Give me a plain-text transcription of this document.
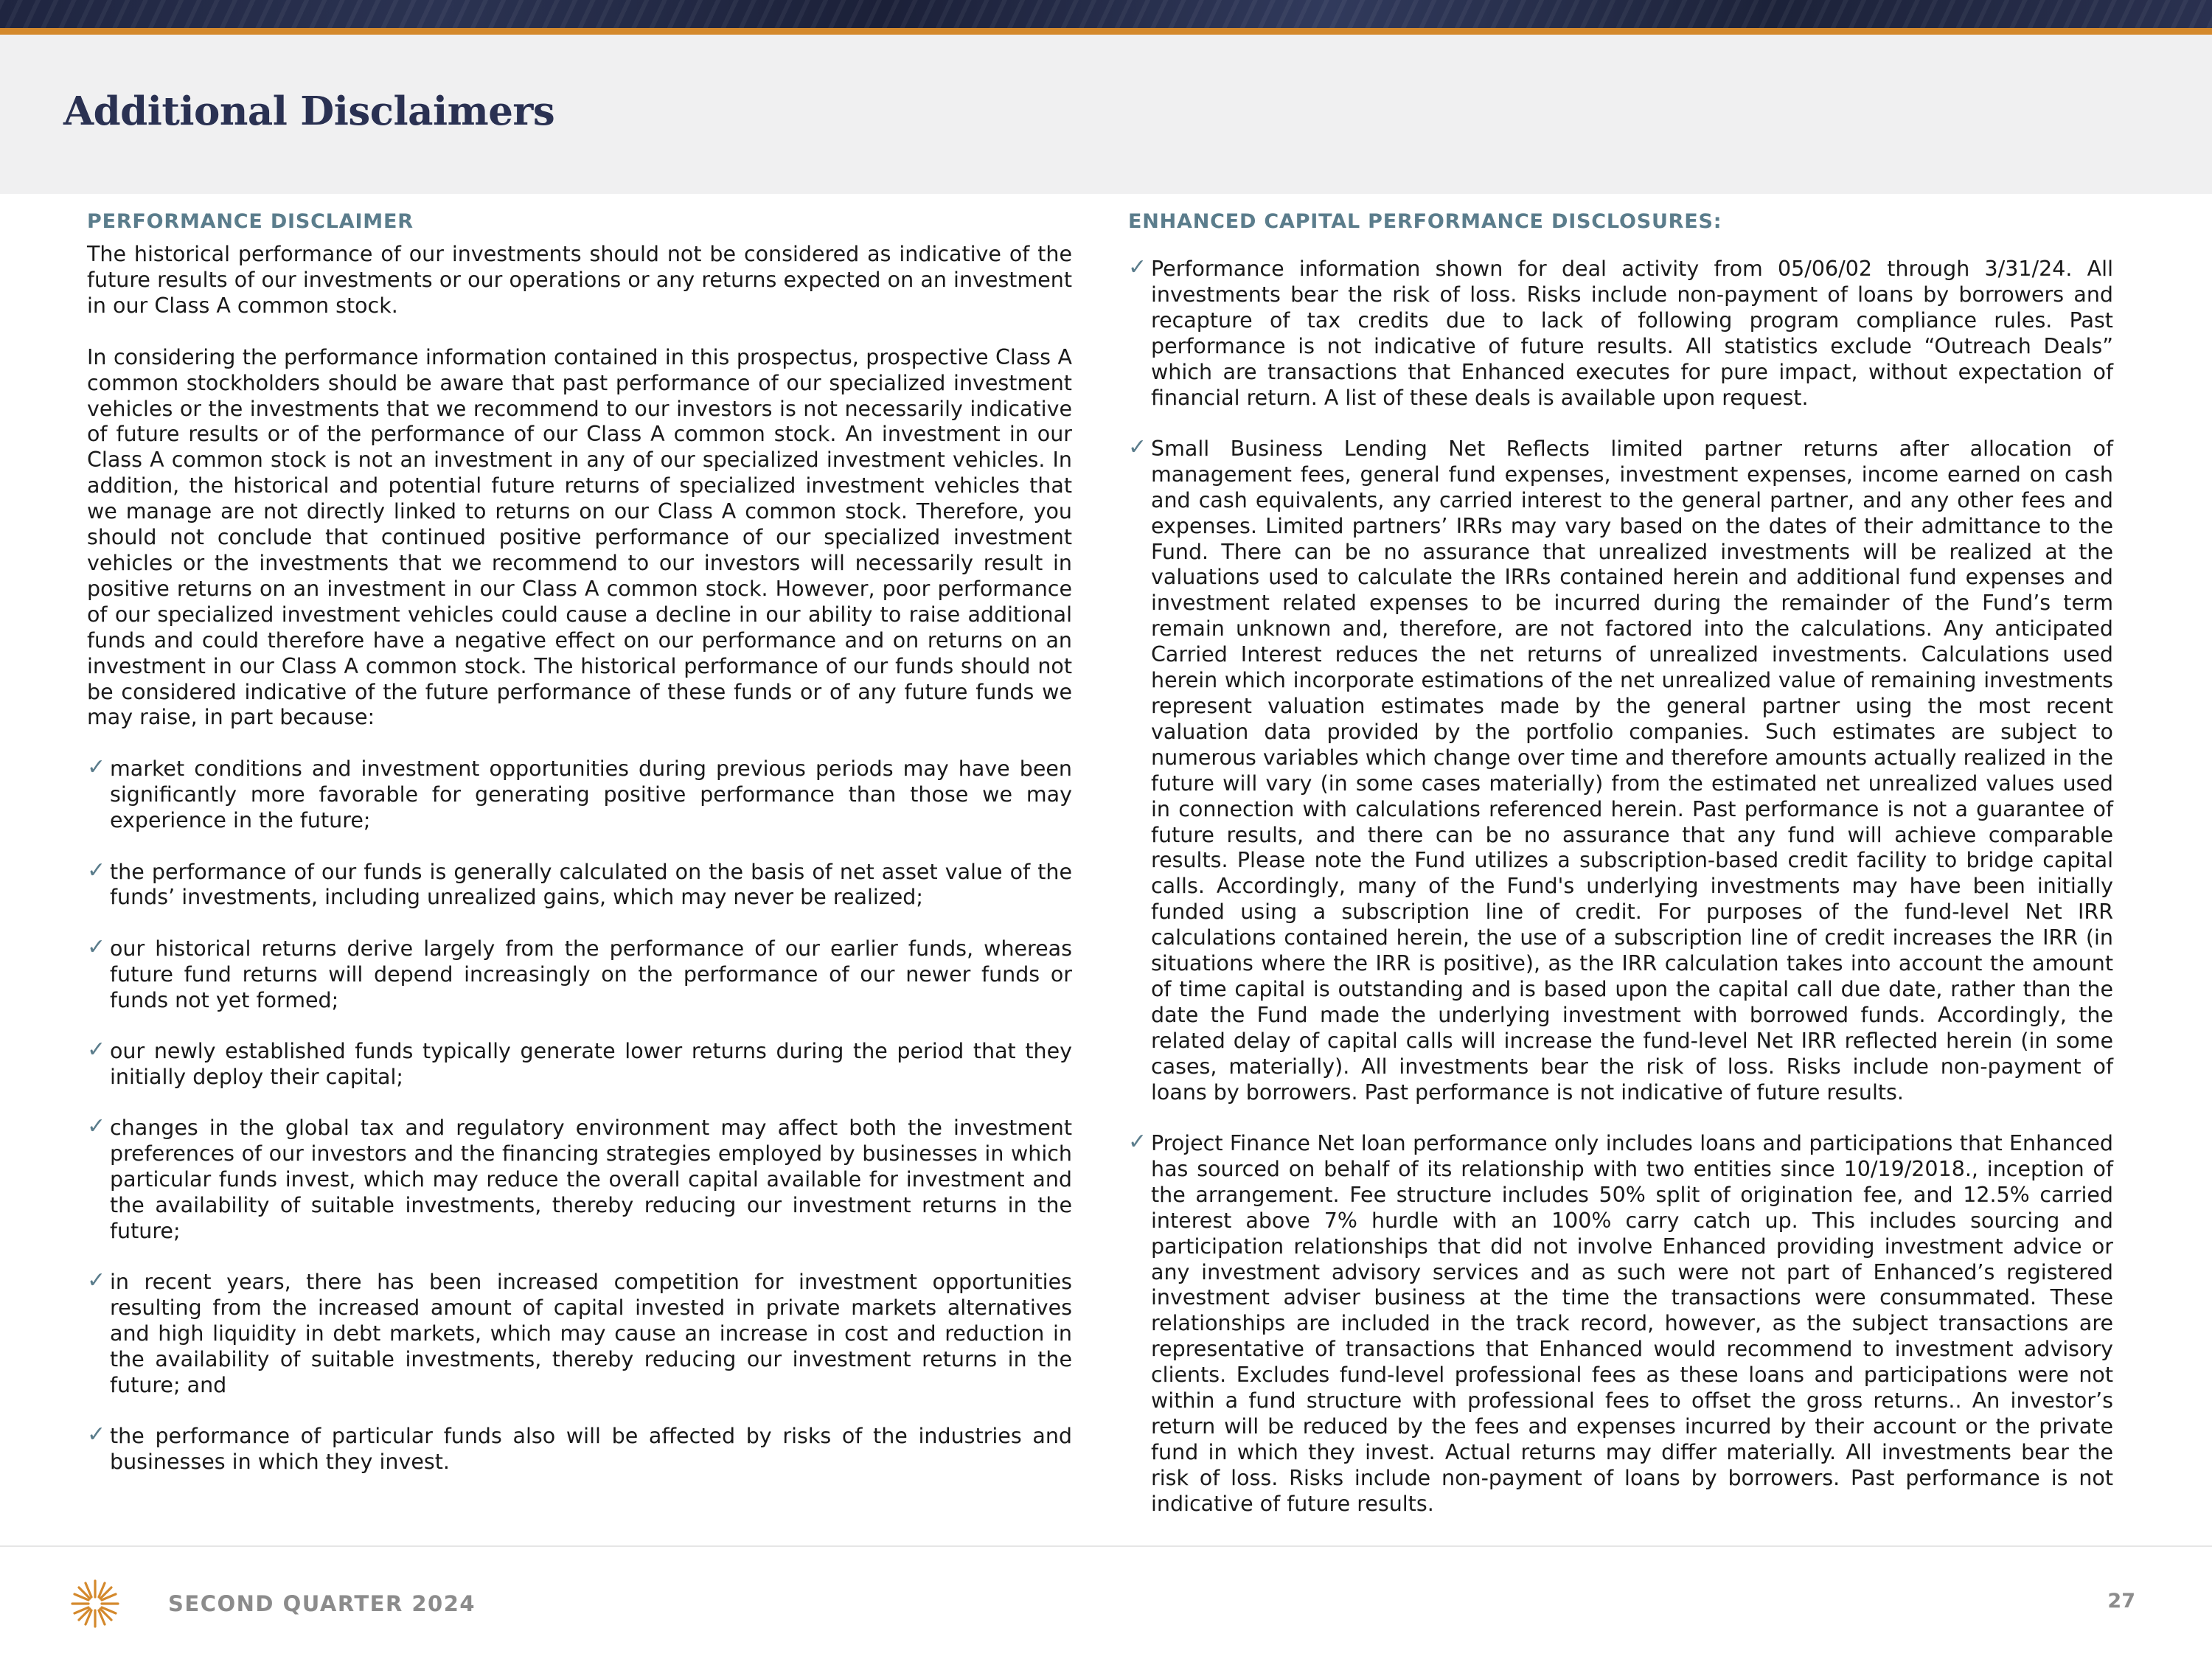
Additional Disclaimers
PERFORMANCE DISCLAIMER

The historical performance of our investments should not be considered as indicative of the future results of our investments or our operations or any returns expected on an investment in our Class A common stock.

In considering the performance information contained in this prospectus, prospective Class A common stockholders should be aware that past performance of our specialized investment vehicles or the investments that we recommend to our investors is not necessarily indicative of future results or of the performance of our Class A common stock. An investment in our Class A common stock is not an investment in any of our specialized investment vehicles. In addition, the historical and potential future returns of specialized investment vehicles that we manage are not directly linked to returns on our Class A common stock. Therefore, you should not conclude that continued positive performance of our specialized investment vehicles or the investments that we recommend to our investors will necessarily result in positive returns on an investment in our Class A common stock. However, poor performance of our specialized investment vehicles could cause a decline in our ability to raise additional funds and could therefore have a negative effect on our performance and on returns on an investment in our Class A common stock. The historical performance of our funds should not be considered indicative of the future performance of these funds or of any future funds we may raise, in part because:

✓ market conditions and investment opportunities during previous periods may have been significantly more favorable for generating positive performance than those we may experience in the future;
✓ the performance of our funds is generally calculated on the basis of net asset value of the funds’ investments, including unrealized gains, which may never be realized;
✓ our historical returns derive largely from the performance of our earlier funds, whereas future fund returns will depend increasingly on the performance of our newer funds or funds not yet formed;
✓ our newly established funds typically generate lower returns during the period that they initially deploy their capital;
✓ changes in the global tax and regulatory environment may affect both the investment preferences of our investors and the financing strategies employed by businesses in which particular funds invest, which may reduce the overall capital available for investment and the availability of suitable investments, thereby reducing our investment returns in the future;
✓ in recent years, there has been increased competition for investment opportunities resulting from the increased amount of capital invested in private markets alternatives and high liquidity in debt markets, which may cause an increase in cost and reduction in the availability of suitable investments, thereby reducing our investment returns in the future; and
✓ the performance of particular funds also will be affected by risks of the industries and businesses in which they invest.
ENHANCED CAPITAL PERFORMANCE DISCLOSURES:
✓ Performance information shown for deal activity from 05/06/02 through 3/31/24. All investments bear the risk of loss. Risks include non-payment of loans by borrowers and recapture of tax credits due to lack of following program compliance rules. Past performance is not indicative of future results. All statistics exclude “Outreach Deals” which are transactions that Enhanced executes for pure impact, without expectation of financial return. A list of these deals is available upon request.
✓ Small Business Lending Net Reflects limited partner returns after allocation of management fees, general fund expenses, investment expenses, income earned on cash and cash equivalents, any carried interest to the general partner, and any other fees and expenses. Limited partners’ IRRs may vary based on the dates of their admittance to the Fund. There can be no assurance that unrealized investments will be realized at the valuations used to calculate the IRRs contained herein and additional fund expenses and investment related expenses to be incurred during the remainder of the Fund’s term remain unknown and, therefore, are not factored into the calculations. Any anticipated Carried Interest reduces the net returns of unrealized investments. Calculations used herein which incorporate estimations of the net unrealized value of remaining investments represent valuation estimates made by the general partner using the most recent valuation data provided by the portfolio companies. Such estimates are subject to numerous variables which change over time and therefore amounts actually realized in the future will vary (in some cases materially) from the estimated net unrealized values used in connection with calculations referenced herein. Past performance is not a guarantee of future results, and there can be no assurance that any fund will achieve comparable results. Please note the Fund utilizes a subscription-based credit facility to bridge capital calls. Accordingly, many of the Fund's underlying investments may have been initially funded using a subscription line of credit. For purposes of the fund-level Net IRR calculations contained herein, the use of a subscription line of credit increases the IRR (in situations where the IRR is positive), as the IRR calculation takes into account the amount of time capital is outstanding and is based upon the capital call due date, rather than the date the Fund made the underlying investment with borrowed funds. Accordingly, the related delay of capital calls will increase the fund-level Net IRR reflected herein (in some cases, materially). All investments bear the risk of loss. Risks include non-payment of loans by borrowers. Past performance is not indicative of future results.
✓ Project Finance Net loan performance only includes loans and participations that Enhanced has sourced on behalf of its relationship with two entities since 10/19/2018., inception of the arrangement. Fee structure includes 50% split of origination fee, and 12.5% carried interest above 7% hurdle with an 100% carry catch up. This includes sourcing and participation relationships that did not involve Enhanced providing investment advice or any investment advisory services and as such were not part of Enhanced’s registered investment adviser business at the time the transactions were consummated. These relationships are included in the track record, however, as the subject transactions are representative of transactions that Enhanced would recommend to investment advisory clients. Excludes fund-level professional fees as these loans and participations were not within a fund structure with professional fees to offset the gross returns.. An investor’s return will be reduced by the fees and expenses incurred by their account or the private fund in which they invest. Actual returns may differ materially. All investments bear the risk of loss. Risks include non-payment of loans by borrowers. Past performance is not indicative of future results.
SECOND QUARTER 2024	27
